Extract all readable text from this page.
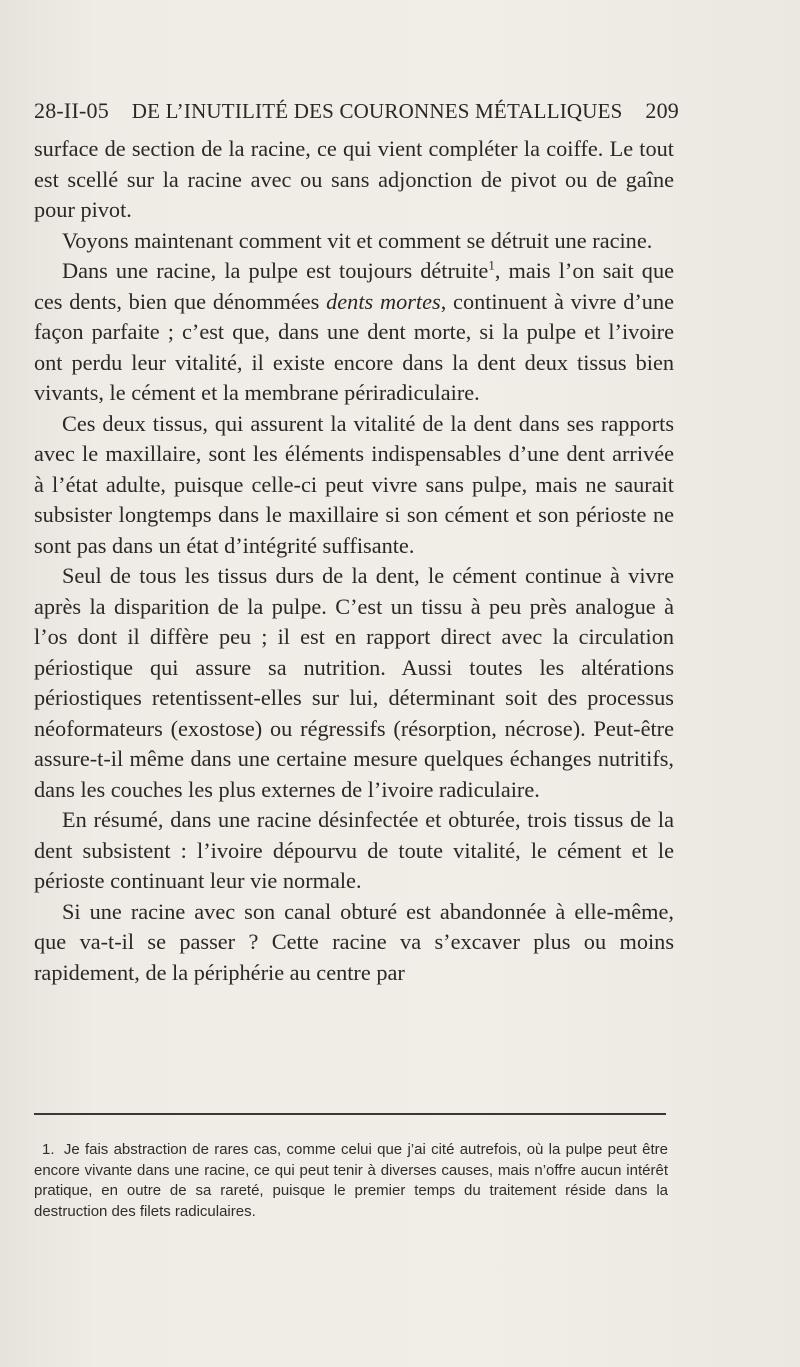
28-II-05 DE L’INUTILITÉ DES COURONNES MÉTALLIQUES 209

surface de section de la racine, ce qui vient compléter la coiffe. Le tout est scellé sur la racine avec ou sans adjonction de pivot ou de gaîne pour pivot.

Voyons maintenant comment vit et comment se détruit une racine.

Dans une racine, la pulpe est toujours détruite$^1$, mais l’on sait que ces dents, bien que dénommées dents mortes, continuent à vivre d’une façon parfaite ; c’est que, dans une dent morte, si la pulpe et l’ivoire ont perdu leur vitalité, il existe encore dans la dent deux tissus bien vivants, le cément et la membrane périradiculaire.

Ces deux tissus, qui assurent la vitalité de la dent dans ses rapports avec le maxillaire, sont les éléments indispensables d’une dent arrivée à l’état adulte, puisque celle-ci peut vivre sans pulpe, mais ne saurait subsister longtemps dans le maxillaire si son cément et son périoste ne sont pas dans un état d’intégrité suffisante.

Seul de tous les tissus durs de la dent, le cément continue à vivre après la disparition de la pulpe. C’est un tissu à peu près analogue à l’os dont il diffère peu ; il est en rapport direct avec la circulation périostique qui assure sa nutrition. Aussi toutes les altérations périostiques retentissent-elles sur lui, déterminant soit des processus néoformateurs (exostose) ou régressifs (résorption, nécrose). Peut-être assure-t-il même dans une certaine mesure quelques échanges nutritifs, dans les couches les plus externes de l’ivoire radiculaire.

En résumé, dans une racine désinfectée et obturée, trois tissus de la dent subsistent : l’ivoire dépourvu de toute vitalité, le cément et le périoste continuant leur vie normale.

Si une racine avec son canal obturé est abandonnée à elle-même, que va-t-il se passer ? Cette racine va s’excaver plus ou moins rapidement, de la périphérie au centre par

1. Je fais abstraction de rares cas, comme celui que j’ai cité autrefois, où la pulpe peut être encore vivante dans une racine, ce qui peut tenir à diverses causes, mais n’offre aucun intérêt pratique, en outre de sa rareté, puisque le premier temps du traitement réside dans la destruction des filets radiculaires.
